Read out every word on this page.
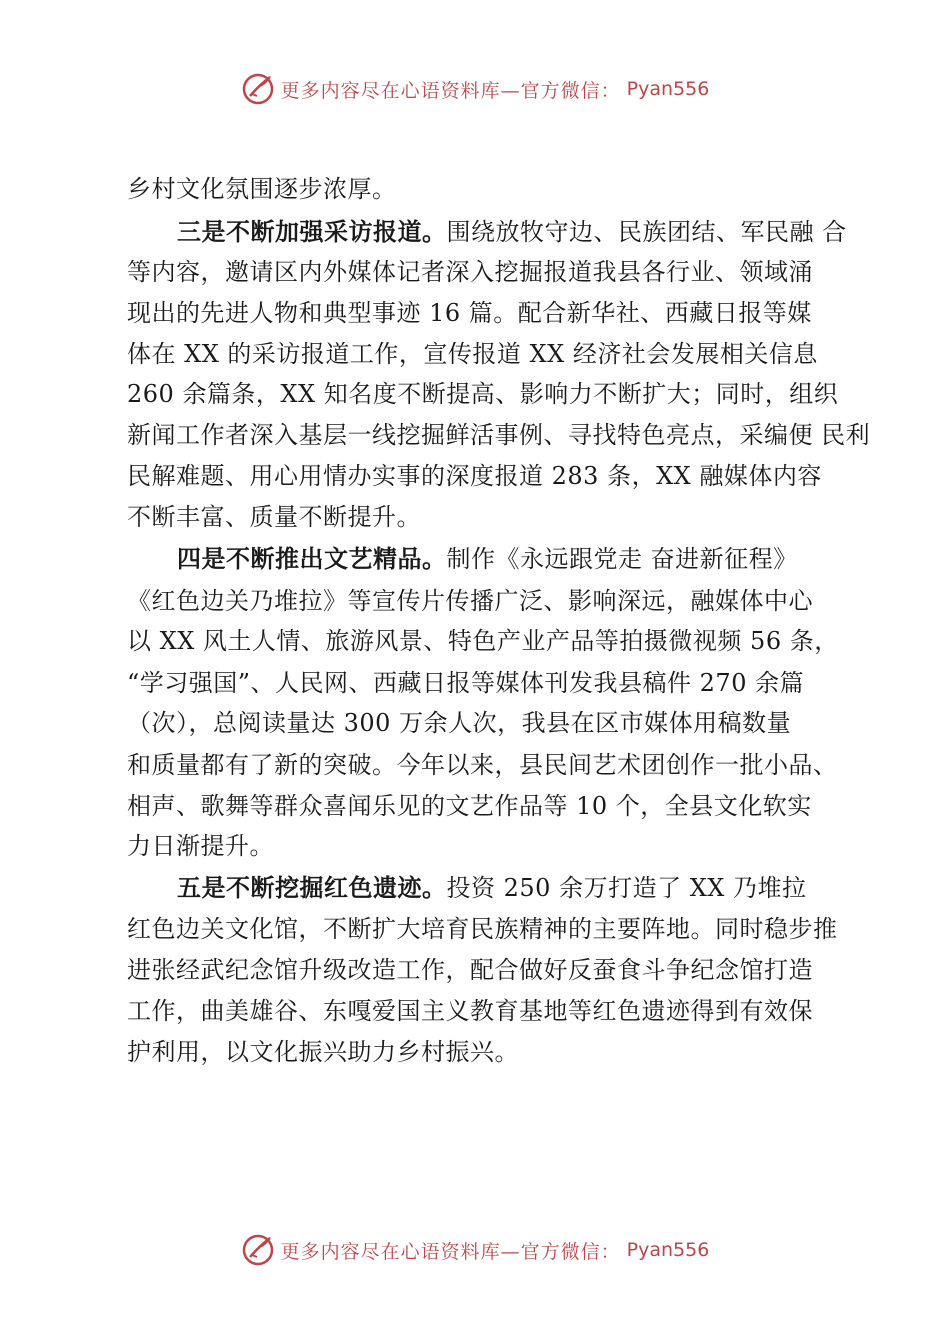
更多内容尽在心语资料库—官方微信： Pyan556
乡村文化氛围逐步浓厚。
三是不断加强采访报道。围绕放牧守边、民族团结、军民融 合
等内容，邀请区内外媒体记者深入挖掘报道我县各行业、领域涌
现出的先进人物和典型事迹 16 篇。配合新华社、西藏日报等媒
体在 XX 的采访报道工作，宣传报道 XX 经济社会发展相关信息
260 余篇条，XX 知名度不断提高、影响力不断扩大；同时，组织
新闻工作者深入基层一线挖掘鲜活事例、寻找特色亮点，采编便 民利
民解难题、用心用情办实事的深度报道 283 条，XX 融媒体内容
不断丰富、质量不断提升。
四是不断推出文艺精品。制作《永远跟党走 奋进新征程》
《红色边关乃堆拉》等宣传片传播广泛、影响深远，融媒体中心
以 XX 风土人情、旅游风景、特色产业产品等拍摄微视频 56 条，
“学习强国”、人民网、西藏日报等媒体刊发我县稿件 270 余篇
（次），总阅读量达 300 万余人次，我县在区市媒体用稿数量
和质量都有了新的突破。今年以来，县民间艺术团创作一批小品、
相声、歌舞等群众喜闻乐见的文艺作品等 10 个，全县文化软实
力日渐提升。
五是不断挖掘红色遗迹。投资 250 余万打造了 XX 乃堆拉
红色边关文化馆，不断扩大培育民族精神的主要阵地。同时稳步推
进张经武纪念馆升级改造工作，配合做好反蚕食斗争纪念馆打造
工作，曲美雄谷、东嘎爱国主义教育基地等红色遗迹得到有效保
护利用，以文化振兴助力乡村振兴。
更多内容尽在心语资料库—官方微信： Pyan556
